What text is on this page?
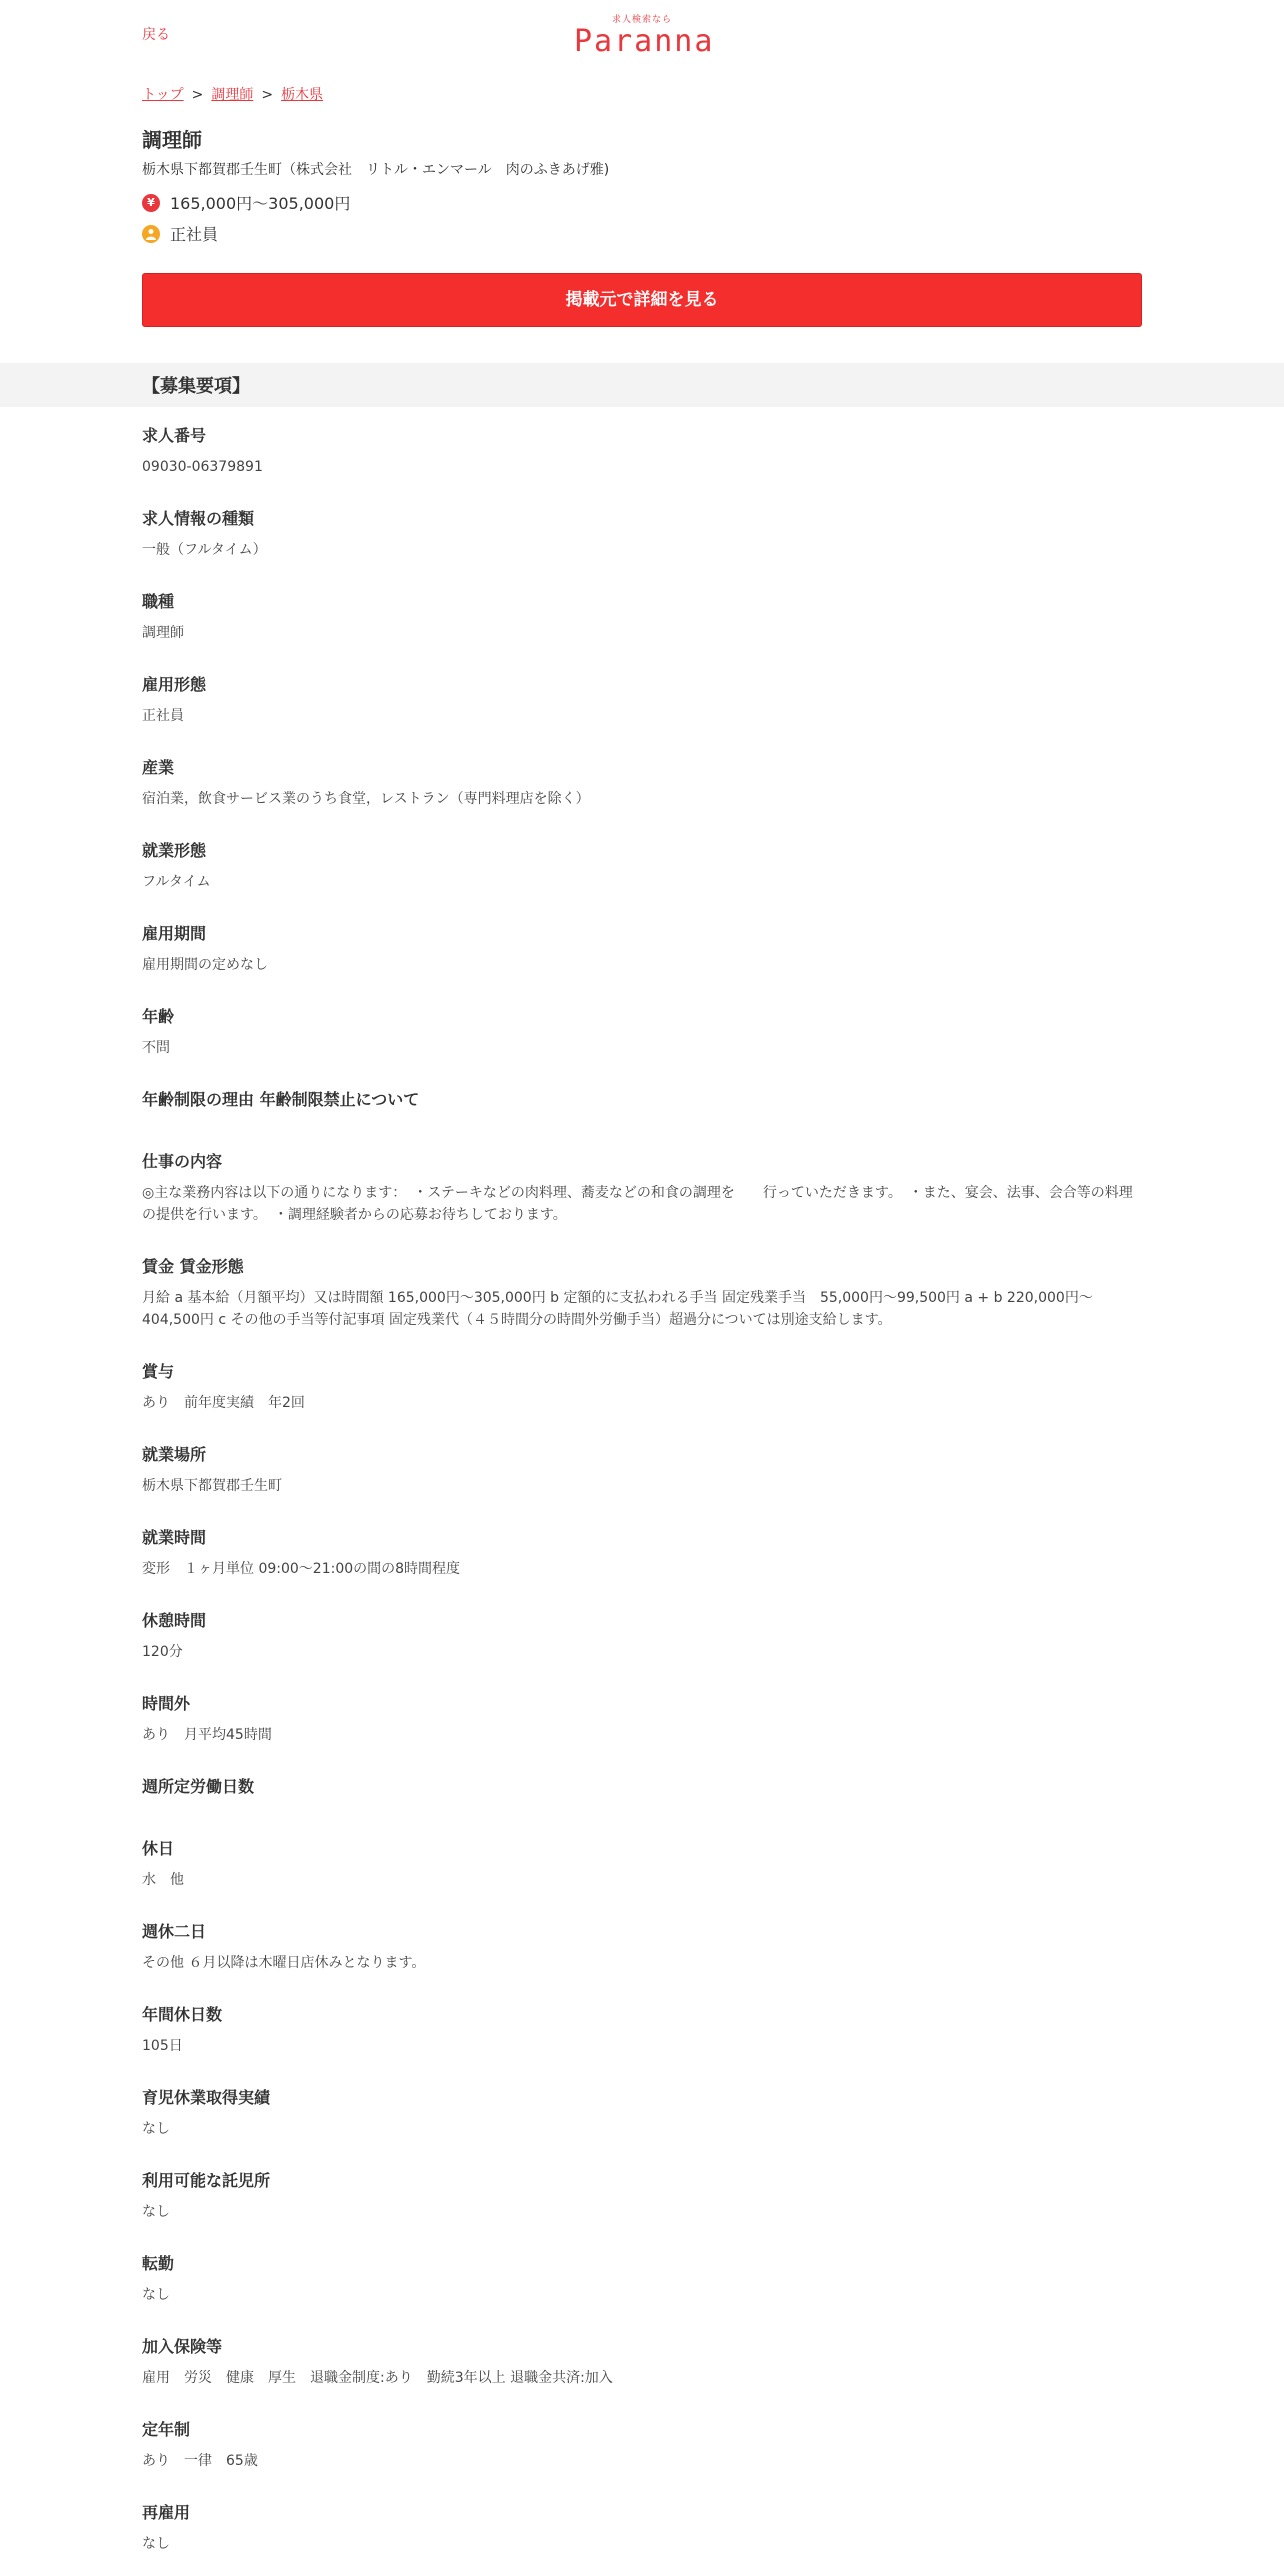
戻る
求人検索なら
Paranna
トップ > 調理師 > 栃木県
調理師
栃木県下都賀郡壬生町（株式会社　リトル・エンマール　肉のふきあげ雅)
¥ 165,000円～305,000円
正社員
掲載元で詳細を見る
【募集要項】
求人番号
09030-06379891
求人情報の種類
一般（フルタイム）
職種
調理師
雇用形態
正社員
産業
宿泊業，飲食サービス業のうち食堂，レストラン（専門料理店を除く）
就業形態
フルタイム
雇用期間
雇用期間の定めなし
年齢
不問
年齢制限の理由 年齢制限禁止について
仕事の内容
◎主な業務内容は以下の通りになります：　・ステーキなどの肉料理、蕎麦などの和食の調理を　　行っていただきます。　・また、宴会、法事、会合等の料理の提供を行います。　・調理経験者からの応募お待ちしております。
賃金 賃金形態
月給 a 基本給（月額平均）又は時間額 165,000円～305,000円 b 定額的に支払われる手当 固定残業手当　55,000円～99,500円 a + b 220,000円～404,500円 c その他の手当等付記事項 固定残業代（４５時間分の時間外労働手当）超過分については別途支給します。
賞与
あり　前年度実績　年2回
就業場所
栃木県下都賀郡壬生町
就業時間
変形　１ヶ月単位 09:00～21:00の間の8時間程度
休憩時間
120分
時間外
あり　月平均45時間
週所定労働日数
休日
水　他
週休二日
その他 ６月以降は木曜日店休みとなります。
年間休日数
105日
育児休業取得実績
なし
利用可能な託児所
なし
転勤
なし
加入保険等
雇用　労災　健康　厚生　退職金制度:あり　勤続3年以上 退職金共済:加入
定年制
あり　一律　65歳
再雇用
なし
